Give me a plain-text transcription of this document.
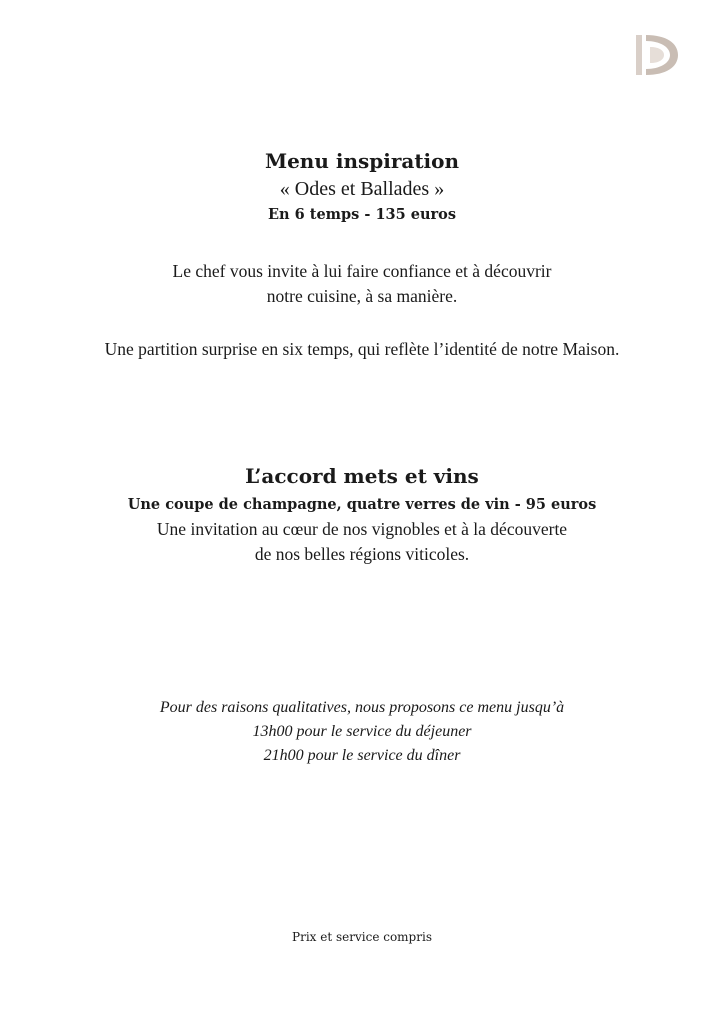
Menu inspiration
« Odes et Ballades »
En 6 temps - 135 euros
Le chef vous invite à lui faire confiance et à découvrir
notre cuisine, à sa manière.
Une partition surprise en six temps, qui reflète l’identité de notre Maison.
L’accord mets et vins
Une coupe de champagne, quatre verres de vin - 95 euros
Une invitation au cœur de nos vignobles et à la découverte
de nos belles régions viticoles.
Pour des raisons qualitatives, nous proposons ce menu jusqu’à
13h00 pour le service du déjeuner
21h00 pour le service du dîner
Prix et service compris
